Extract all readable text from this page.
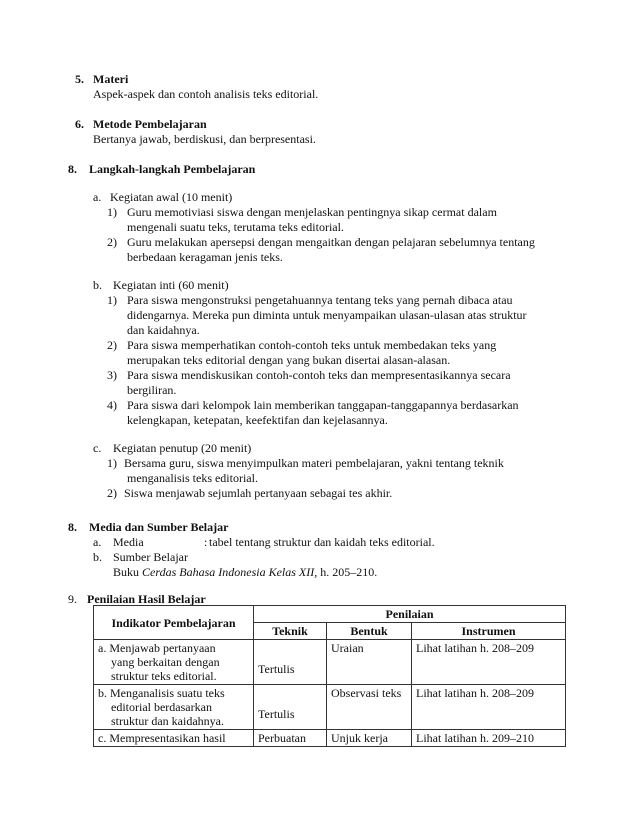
5. Materi
Aspek-aspek dan contoh analisis teks editorial.
6. Metode Pembelajaran
Bertanya jawab, berdiskusi, dan berpresentasi.
8. Langkah-langkah Pembelajaran
a. Kegiatan awal (10 menit)
1) Guru memotiviasi siswa dengan menjelaskan pentingnya sikap cermat dalam
mengenali suatu teks, terutama teks editorial.
2) Guru melakukan apersepsi dengan mengaitkan dengan pelajaran sebelumnya tentang
berbedaan keragaman jenis teks.
b. Kegiatan inti (60 menit)
1) Para siswa mengonstruksi pengetahuannya tentang teks yang pernah dibaca atau
didengarnya. Mereka pun diminta untuk menyampaikan ulasan-ulasan atas struktur
dan kaidahnya.
2) Para siswa memperhatikan contoh-contoh teks untuk membedakan teks yang
merupakan teks editorial dengan yang bukan disertai alasan-alasan.
3) Para siswa mendiskusikan contoh-contoh teks dan mempresentasikannya secara
bergiliran.
4) Para siswa dari kelompok lain memberikan tanggapan-tanggapannya berdasarkan
kelengkapan, ketepatan, keefektifan dan kejelasannya.
c. Kegiatan penutup (20 menit)
1) Bersama guru, siswa menyimpulkan materi pembelajaran, yakni tentang teknik
menganalisis teks editorial.
2) Siswa menjawab sejumlah pertanyaan sebagai tes akhir.
8. Media dan Sumber Belajar
a. Media	: tabel tentang struktur dan kaidah teks editorial.
b. Sumber Belajar
Buku Cerdas Bahasa Indonesia Kelas XII, h. 205–210.
9. Penilaian Hasil Belajar
Indikator Pembelajaran	Penilaian		
	Teknik	Bentuk	Instrumen
a. Menjawab pertanyaan
yang berkaitan dengan
struktur teks editorial.	Tertulis	Uraian	Lihat latihan h. 208–209
b. Menganalisis suatu teks
editorial berdasarkan
struktur dan kaidahnya.	Tertulis	Observasi teks	Lihat latihan h. 208–209
c. Mempresentasikan hasil	Perbuatan	Unjuk kerja	Lihat latihan h. 209–210
